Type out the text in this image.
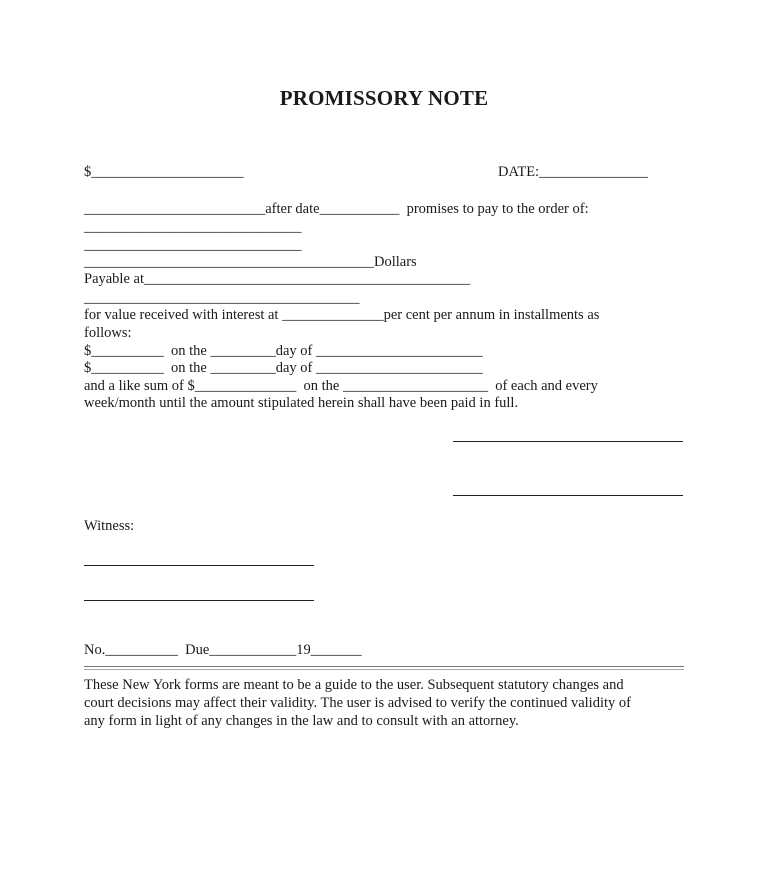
PROMISSORY NOTE
$_____________________	DATE:_______________
_________________________after date___________  promises to pay to the order of:
______________________________
______________________________
________________________________________Dollars
Payable at_____________________________________________
______________________________________
for value received with interest at ______________per cent per annum in installments as
follows:
$__________  on the _________day of _______________________
$__________  on the _________day of _______________________
and a like sum of $______________  on the ____________________  of each and every
week/month until the amount stipulated herein shall have been paid in full.
Witness:
No.__________  Due____________19_______
These New York forms are meant to be a guide to the user. Subsequent statutory changes and
court decisions may affect their validity. The user is advised to verify the continued validity of
any form in light of any changes in the law and to consult with an attorney.
